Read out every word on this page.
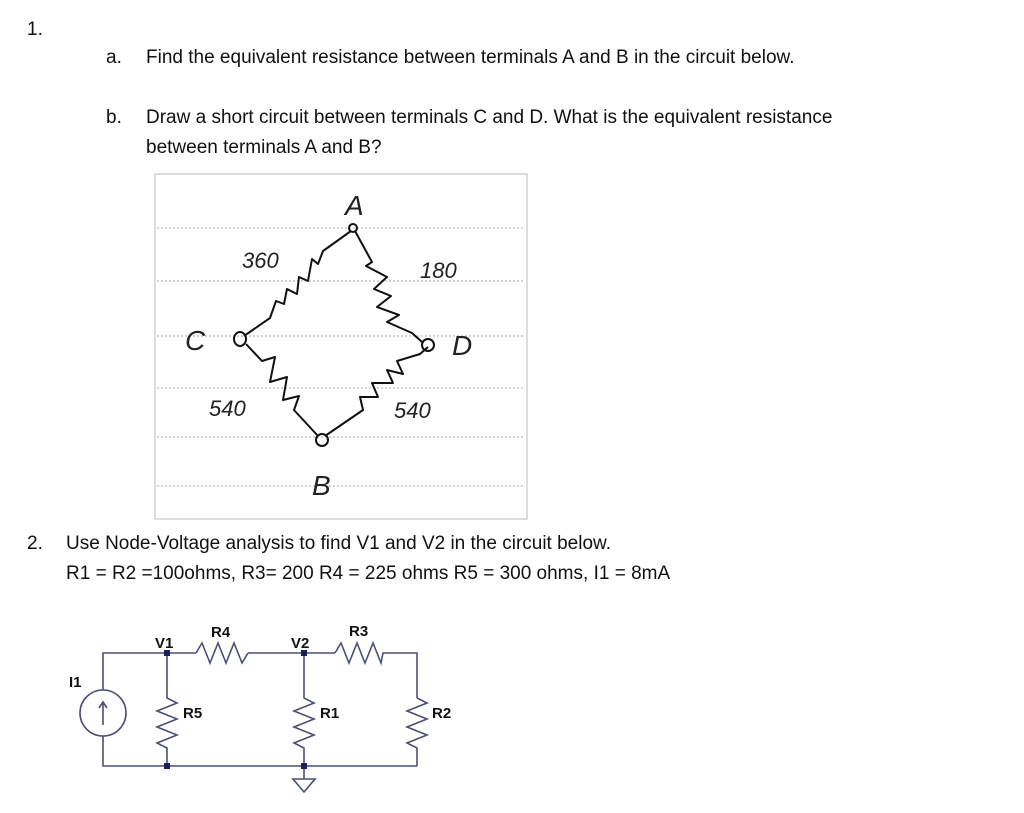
1.
a. Find the equivalent resistance between terminals A and B in the circuit below.
b. Draw a short circuit between terminals C and D. What is the equivalent resistance
between terminals A and B?
A
B
C	D
360	180
540	540
I1
V1	V2
R4	R3
R5	R1	R2
2. Use Node-Voltage analysis to find V1 and V2 in the circuit below.
R1 = R2 =100ohms, R3= 200 R4 = 225 ohms R5 = 300 ohms, I1 = 8mA
